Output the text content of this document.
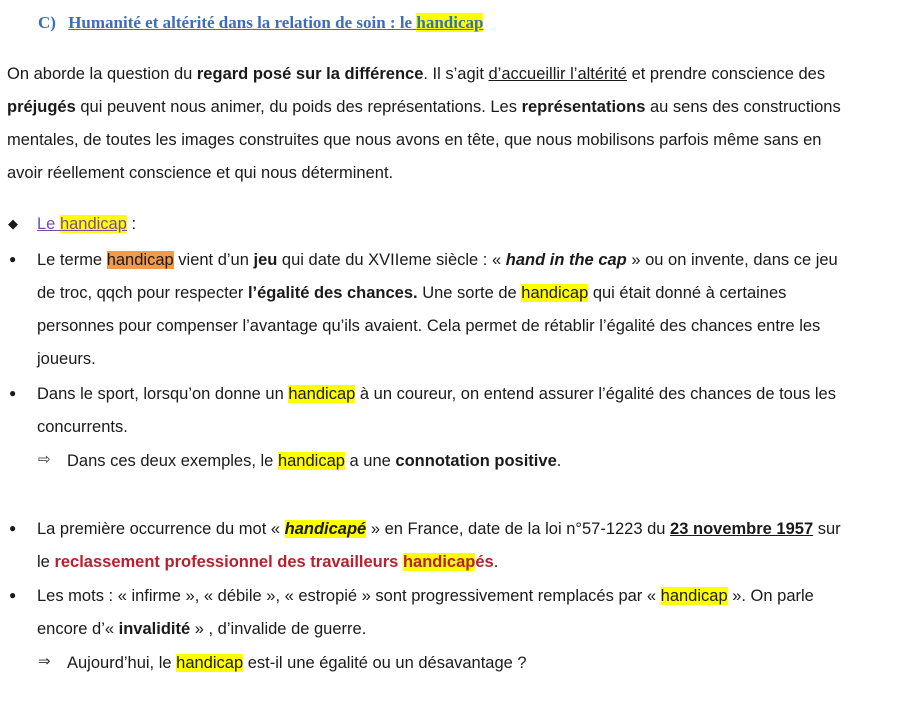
C) Humanité et altérité dans la relation de soin : le handicap
On aborde la question du regard posé sur la différence. Il s’agit d’accueillir l’altérité et prendre conscience des
préjugés qui peuvent nous animer, du poids des représentations. Les représentations au sens des constructions
mentales, de toutes les images construites que nous avons en tête, que nous mobilisons parfois même sans en
avoir réellement conscience et qui nous déterminent.
◆ Le handicap :
● Le terme handicap vient d’un jeu qui date du XVIIeme siècle : « hand in the cap » ou on invente, dans ce jeu
de troc, qqch pour respecter l’égalité des chances. Une sorte de handicap qui était donné à certaines
personnes pour compenser l’avantage qu’ils avaient. Cela permet de rétablir l’égalité des chances entre les
joueurs.
● Dans le sport, lorsqu’on donne un handicap à un coureur, on entend assurer l’égalité des chances de tous les
concurrents.
⇨ Dans ces deux exemples, le handicap a une connotation positive.
● La première occurrence du mot « handicapé » en France, date de la loi n°57-1223 du 23 novembre 1957 sur
le reclassement professionnel des travailleurs handicapés.
● Les mots : « infirme », « débile », « estropié » sont progressivement remplacés par « handicap ». On parle
encore d’« invalidité » , d’invalide de guerre.
⇒ Aujourd’hui, le handicap est-il une égalité ou un désavantage ?
